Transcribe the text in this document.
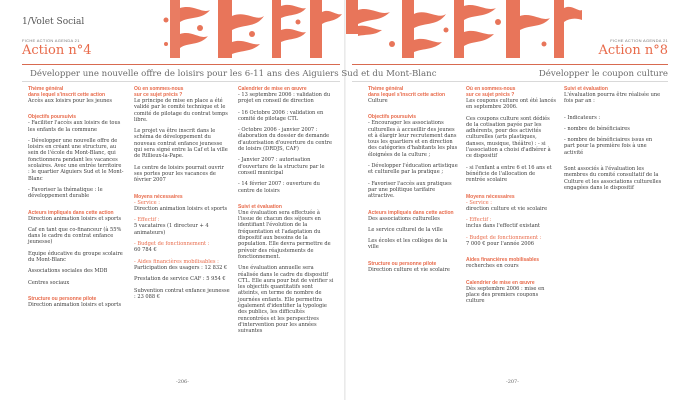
1/Volet Social
FICHE ACTION AGENDA 21
Action n°4
Développer une nouvelle offre de loisirs pour les 6-11 ans des Aiguiers Sud et du Mont-Blanc
Thème général
dans lequel s'inscrit cette action

Accès aux loisirs pour les jeunes

Objectifs poursuivis

- Faciliter l'accès aux loisirs de tous les enfants de la commune

- Développer une nouvelle offre de loisirs en créant une structure, au sein de l'école du Mont-Blanc, qui fonctionnera pendant les vacances scolaires. Avec une entrée territoire : le quartier Aiguiers Sud et le Mont-Blanc

- Favoriser la thématique : le développement durable

Acteurs impliqués dans cette action

Direction animation loisirs et sports

Caf en tant que co-financeur (à 55% dans le cadre du contrat enfance jeunesse)

Equipe éducative du groupe scolaire du Mont-Blanc

Associations sociales des MDB

Centres sociaux

Structure ou personne pilote

Direction animation loisirs et sports

Où en sommes-nous
sur ce sujet précis ?

Le principe de mise en place a été validé par le comité technique et le comité de pilotage du contrat temps libre.

Le projet va être inscrit dans le schéma de développement du nouveau contrat enfance jeunesse qui sera signé entre la Caf et la ville de Rillieux-la-Pape.

Le centre de loisirs pourrait ouvrir ses portes pour les vacances de février 2007

Moyens nécessaires

- Service :

Direction animation loisirs et sports

- Effectif :

5 vacataires (1 directeur + 4 animateurs)

- Budget de fonctionnement :

60 784 €

- Aides financières mobilisables :

Participation des usagers : 12 832 €

Prestation de service CAF : 5 954 €

Subvention contrat enfance jeunesse : 23 088 €

Calendrier de mise en œuvre

- 13 septembre 2006 : validation du projet en conseil de direction

- 16 Octobre 2006 : validation en comité de pilotage CTL

- Octobre 2006 - janvier 2007 : élaboration du dossier de demande d'autorisation d'ouverture du centre de loisirs (DRDJS, CAF)

- Janvier 2007 : autorisation d'ouverture de la structure par le conseil municipal

- 14 février 2007 : ouverture du centre de loisirs

Suivi et évaluation

Une évaluation sera effectuée à l'issue de chacun des séjours en identifiant l'évolution de la fréquentation et l'adaptation du dispositif aux besoins de la population. Elle devra permettre de prévoir des réajustements de fonctionnement.

Une évaluation annuelle sera réalisée dans le cadre du dispositif CTL. Elle aura pour but de vérifier si les objectifs quantitatifs sont atteints, en terme de nombre de journées enfants. Elle permettra également d'identifier la typologie des publics, les difficultés rencontrées et les perspectives d'intervention pour les années suivantes

-206-
FICHE ACTION AGENDA 21
Action n°8
Développer le coupon culture
Thème général
dans lequel s'inscrit cette action

Culture

Objectifs poursuivis

- Encourager les associations culturelles à accueillir des jeunes et à élargir leur recrutement dans tous les quartiers et en direction des catégories d'habitants les plus éloignées de la culture ;

- Développer l'éducation artistique et culturelle par la pratique ;

- Favoriser l'accès aux pratiques par une politique tarifaire attractive.

Acteurs impliqués dans cette action

Des associations culturelles

Le service culturel de la ville

Les écoles et les collèges de la ville

Structure ou personne pilote

Direction culture et vie scolaire

Où en sommes-nous
sur ce sujet précis ?

Les coupons culture ont été lancés en septembre 2006.

Ces coupons culture sont dédiés de la cotisation payée par les adhérents, pour des activités culturelles (arts plastiques, danses, musique, théâtre) : - si l'association a choisi d'adhérer à ce dispositif

- si l'enfant a entre 6 et 16 ans et bénéficie de l'allocation de rentrée scolaire

Moyens nécessaires

- Service :

direction culture et vie scolaire

- Effectif :

inclus dans l'effectif existant

- Budget de fonctionnement :

7 000 € pour l'année 2006

Aides financières mobilisables

recherches en cours

Calendrier de mise en œuvre

Dès septembre 2006 : mise en place des premiers coupons culture

Suivi et évaluation

L'évaluation pourra être réalisée une fois par an :

- Indicateurs :

- nombre de bénéficiaires

- nombre de bénéficiaires issus en part pour la première fois à une activité

Sont associés à l'évaluation les membres du comité consultatif de la Culture et les associations culturelles engagées dans le dispositif

-207-
